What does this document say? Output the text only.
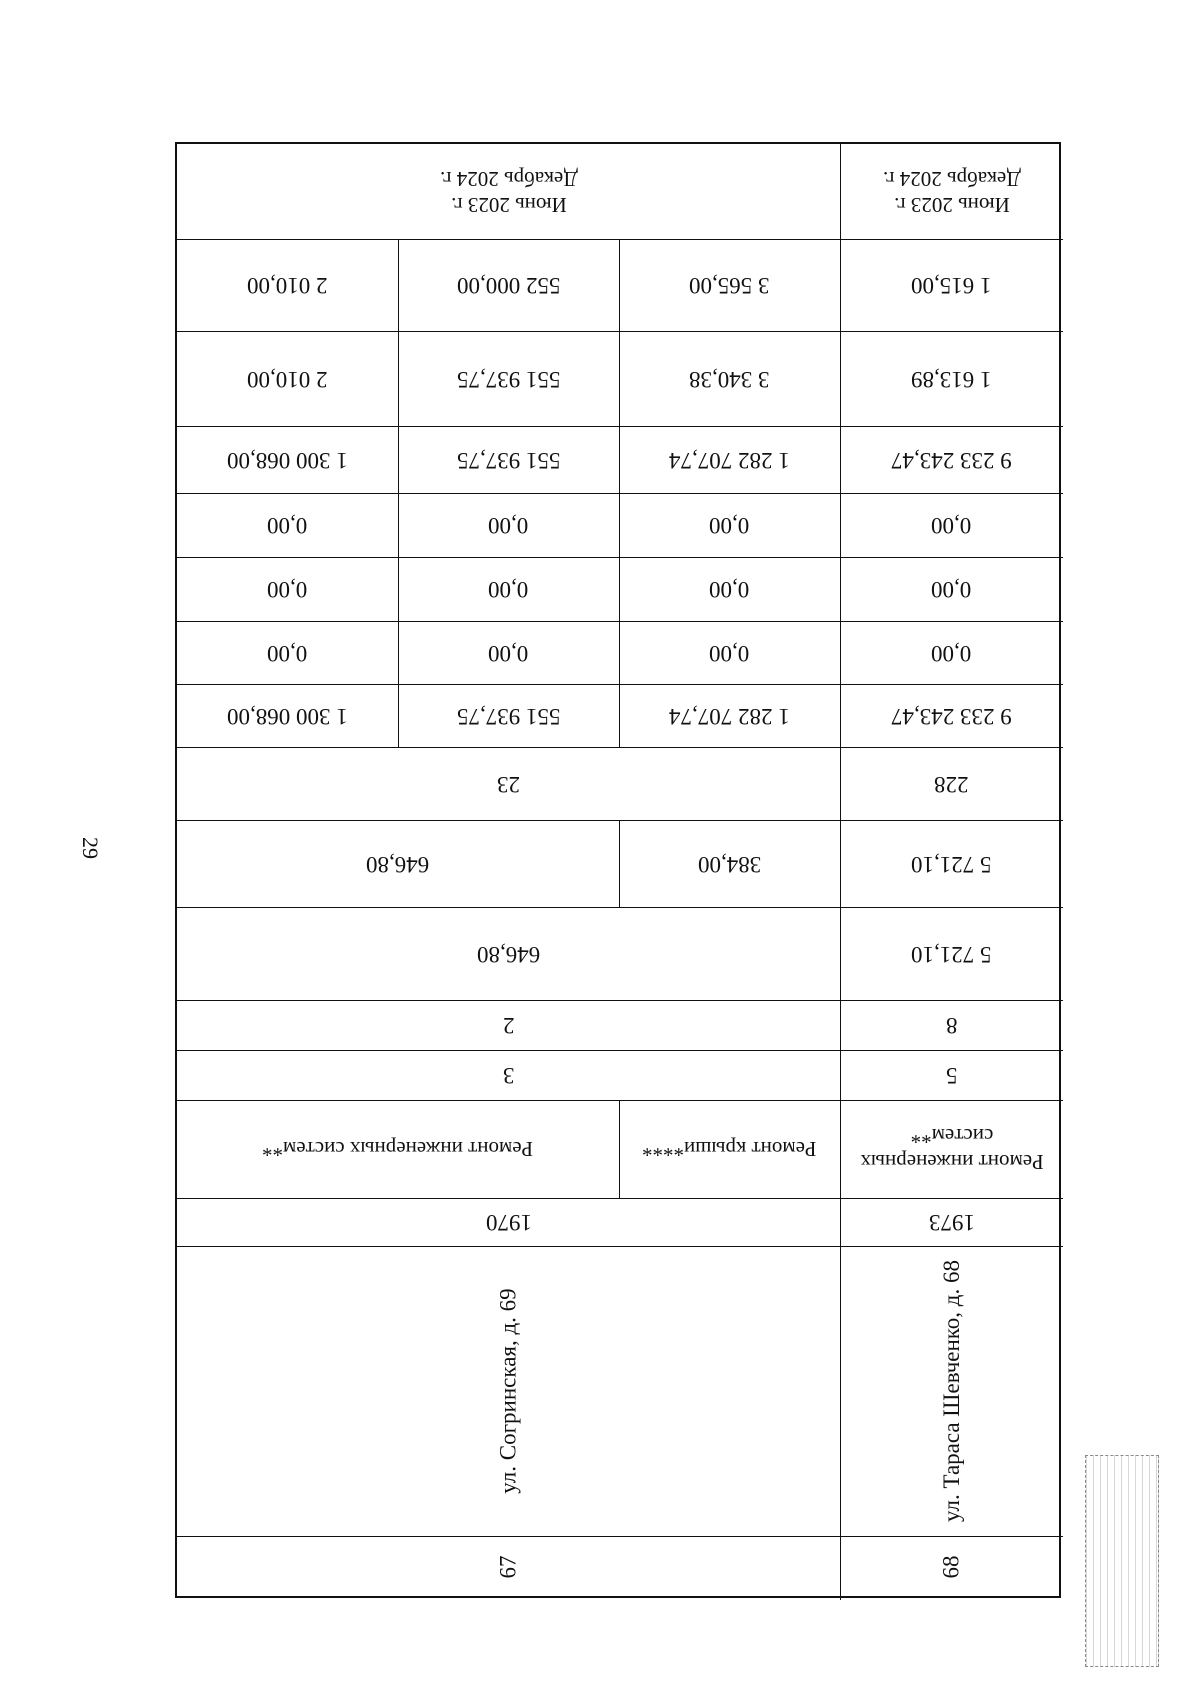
29
Июнь 2023 г.
Декабрь 2024 г.
1 615,00
1 613,89
9 233 243,47
0,00
0,00
0,00
9 233 243,47
228
5 721,10
5 721,10
8
5
Ремонт инженерных систем**
1973
ул. Тараса Шевченко, д. 68
68
Июнь 2023 г.
Декабрь 2024 г.
3 565,00
552 000,00
2 010,00
3 340,38
551 937,75
2 010,00
1 282 707,74
551 937,75
1 300 068,00
0,00
0,00
0,00
0,00
0,00
0,00
0,00
0,00
0,00
1 282 707,74
551 937,75
1 300 068,00
23
384,00
646,80
646,80
2
3
Ремонт крыши****
Ремонт инженерных систем**
1970
ул. Согринская, д. 69
67
